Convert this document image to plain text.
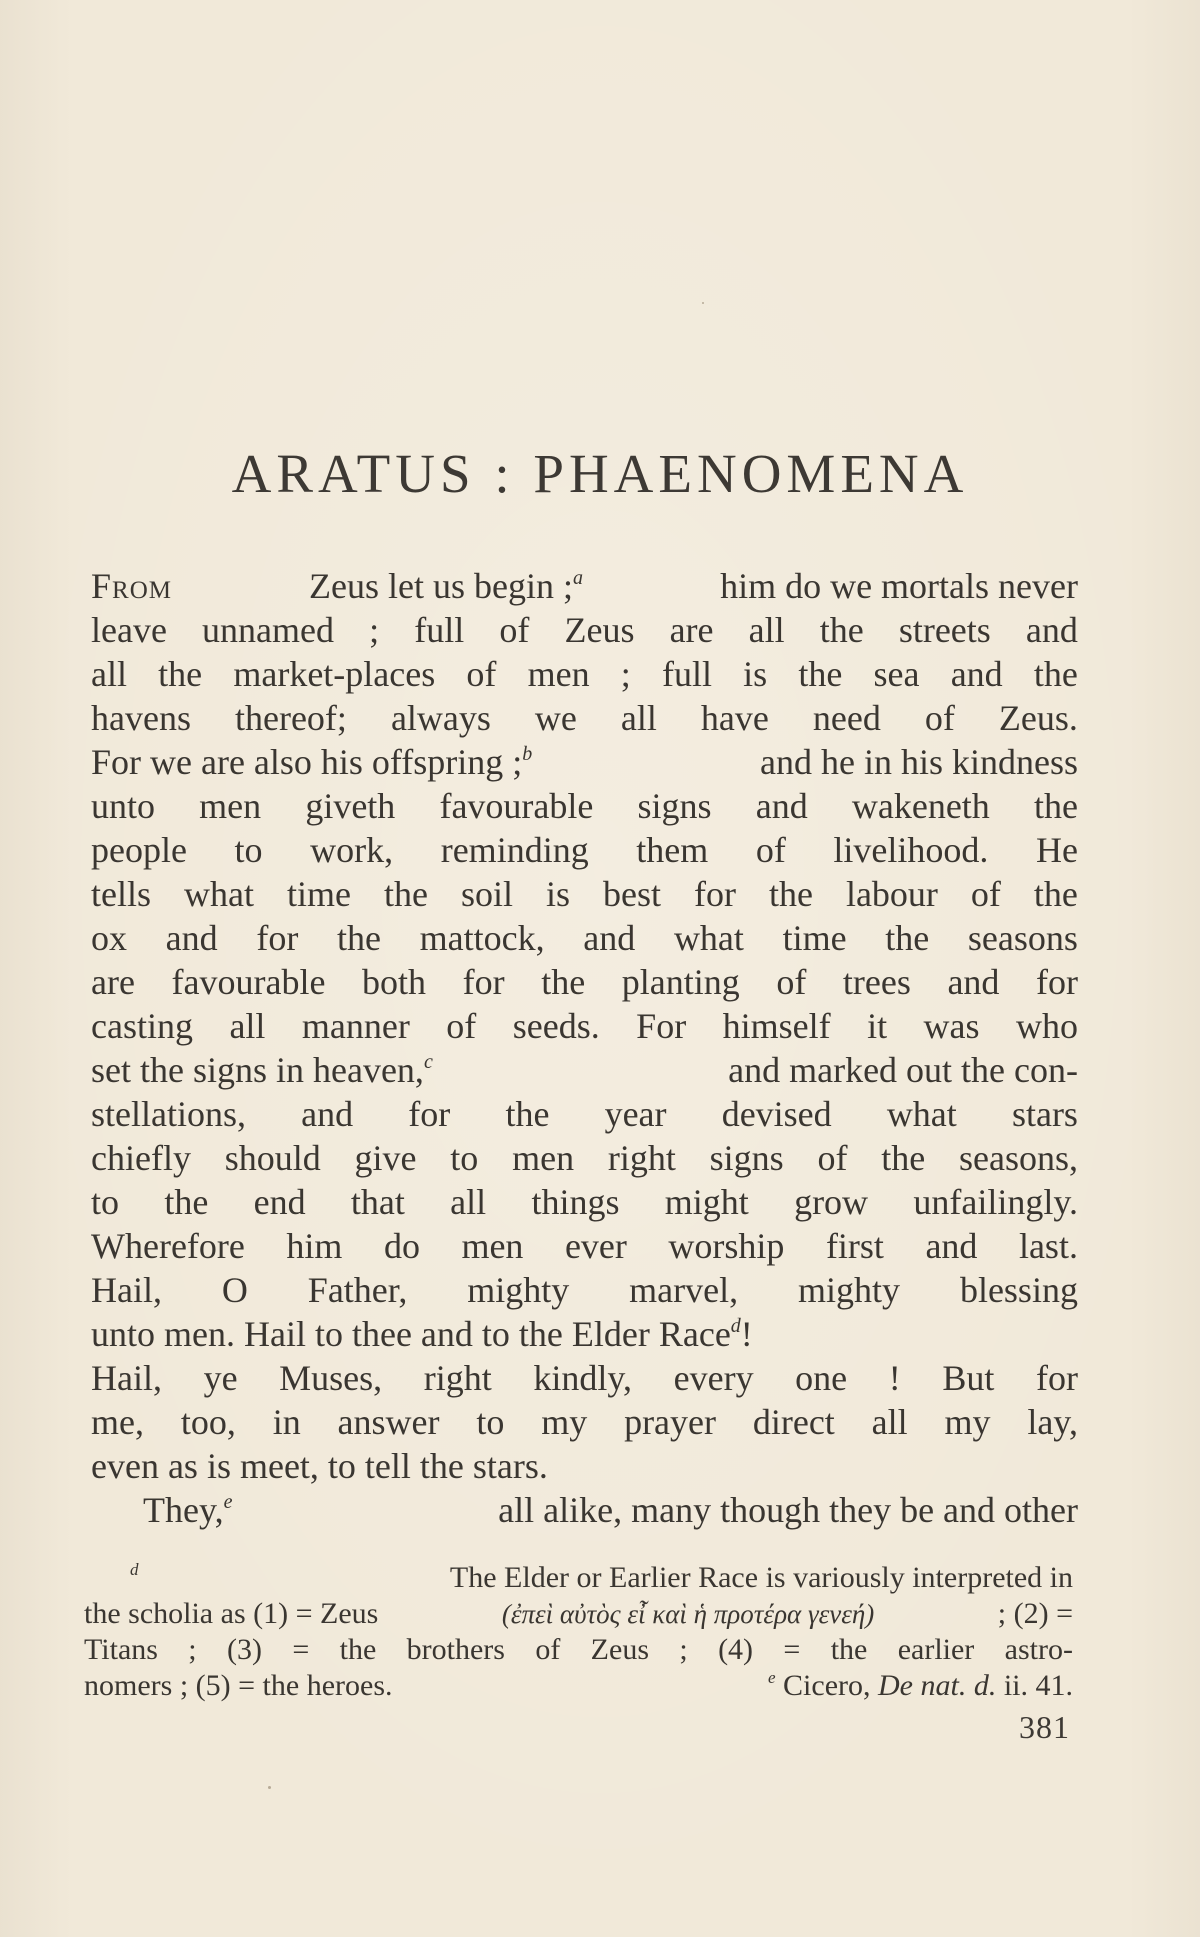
ARATUS : PHAENOMENA
From	Zeus let us begin ;$^a$	him do we mortals never
leave unnamed ; full of Zeus are all the streets and
all the market-places of men ; full is the sea and the
havens thereof; always we all have need of Zeus.
For we are also his offspring ;$^b$	and he in his kindness
unto men giveth favourable signs and wakeneth the
people to work, reminding them of livelihood. He
tells what time the soil is best for the labour of the
ox and for the mattock, and what time the seasons
are favourable both for the planting of trees and for
casting all manner of seeds. For himself it was who
set the signs in heaven,$^c$	and marked out the con-
stellations, and for the year devised what stars
chiefly should give to men right signs of the seasons,
to the end that all things might grow unfailingly.
Wherefore him do men ever worship first and last.
Hail, O Father, mighty marvel, mighty blessing
unto men. Hail to thee and to the Elder Race$^d$!
Hail, ye Muses, right kindly, every one ! But for
me, too, in answer to my prayer direct all my lay,
even as is meet, to tell the stars.
They,$^e$	all alike, many though they be and other
$^d$	The Elder or Earlier Race is variously interpreted in
the scholia as (1) = Zeus	(ἐπεὶ αὐτὸς εἶ καὶ ἡ προτέρα γενεή)	; (2) =
Titans ; (3) = the brothers of Zeus ; (4) = the earlier astro-
nomers ; (5) = the heroes.	$^e$ Cicero, De nat. d. ii. 41.
381
